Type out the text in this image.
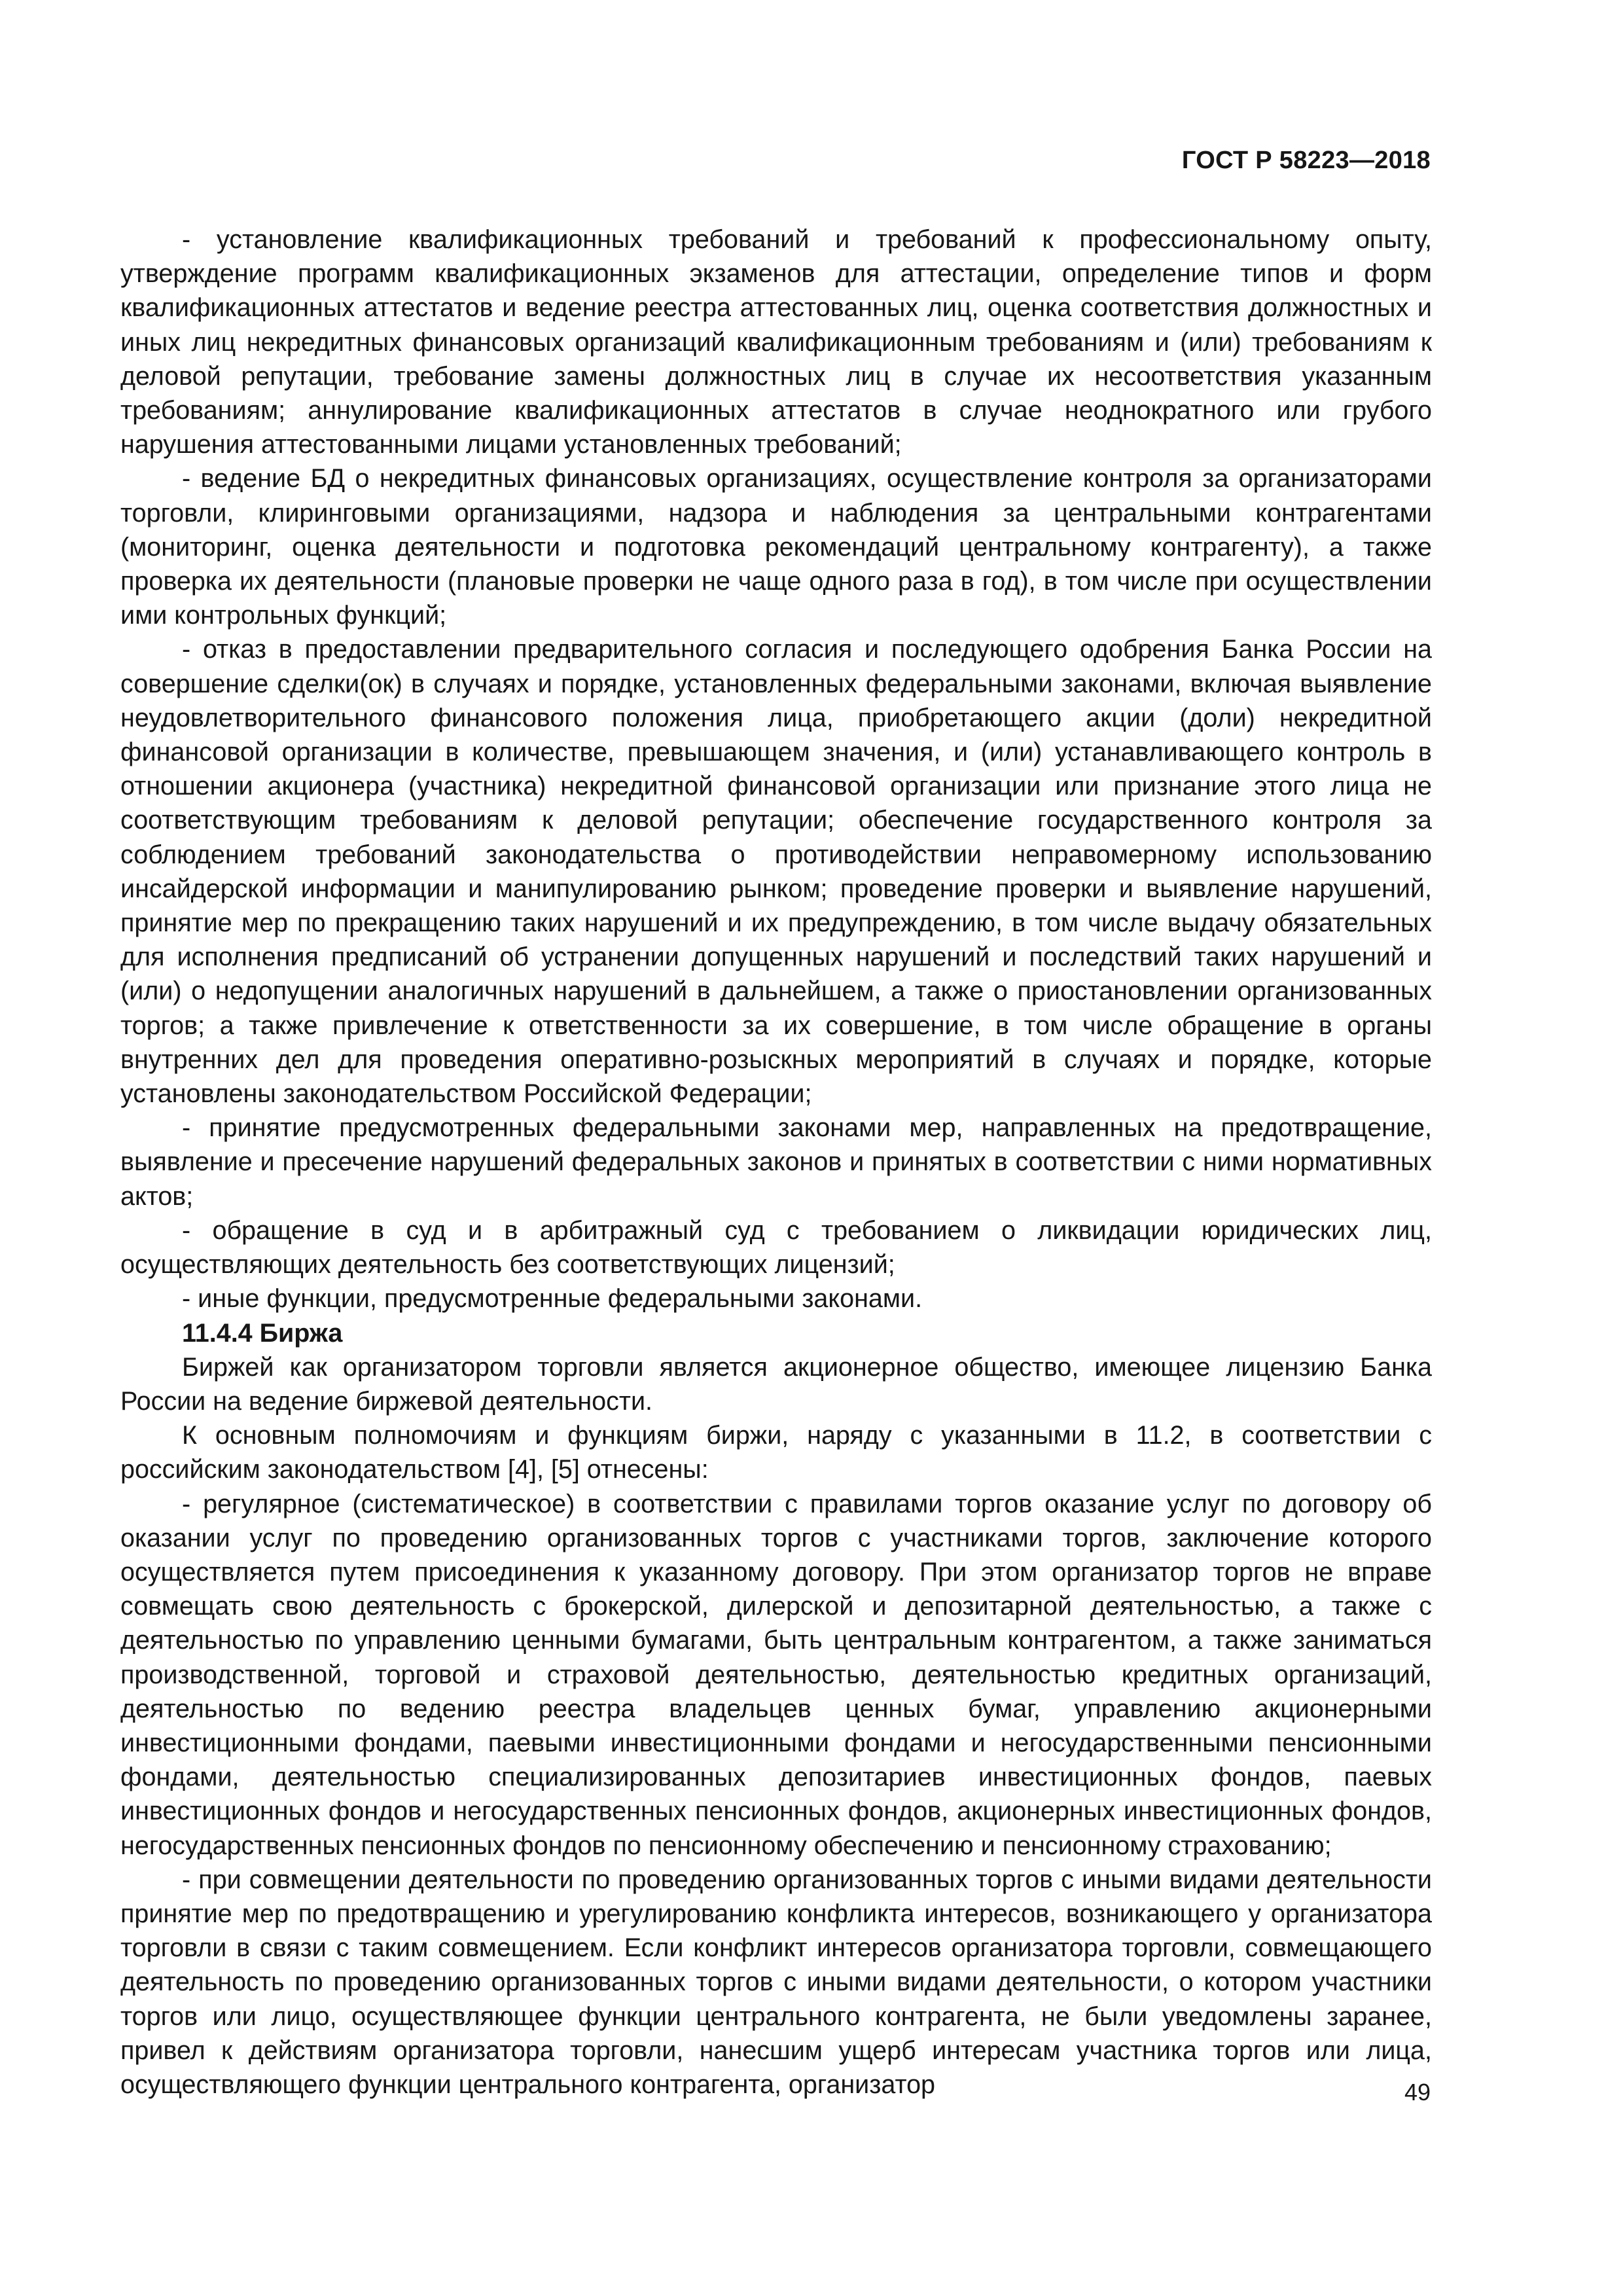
ГОСТ Р 58223—2018

- установление квалификационных требований и требований к профессиональному опыту, утверждение программ квалификационных экзаменов для аттестации, определение типов и форм квалификационных аттестатов и ведение реестра аттестованных лиц, оценка соответствия должностных и иных лиц некредитных финансовых организаций квалификационным требованиям и (или) требованиям к деловой репутации, требование замены должностных лиц в случае их несоответствия указанным требованиям; аннулирование квалификационных аттестатов в случае неоднократного или грубого нарушения аттестованными лицами установленных требований;

- ведение БД о некредитных финансовых организациях, осуществление контроля за организаторами торговли, клиринговыми организациями, надзора и наблюдения за центральными контрагентами (мониторинг, оценка деятельности и подготовка рекомендаций центральному контрагенту), а также проверка их деятельности (плановые проверки не чаще одного раза в год), в том числе при осуществлении ими контрольных функций;

- отказ в предоставлении предварительного согласия и последующего одобрения Банка России на совершение сделки(ок) в случаях и порядке, установленных федеральными законами, включая выявление неудовлетворительного финансового положения лица, приобретающего акции (доли) некредитной финансовой организации в количестве, превышающем значения, и (или) устанавливающего контроль в отношении акционера (участника) некредитной финансовой организации или признание этого лица не соответствующим требованиям к деловой репутации; обеспечение государственного контроля за соблюдением требований законодательства о противодействии неправомерному использованию инсайдерской информации и манипулированию рынком; проведение проверки и выявление нарушений, принятие мер по прекращению таких нарушений и их предупреждению, в том числе выдачу обязательных для исполнения предписаний об устранении допущенных нарушений и последствий таких нарушений и (или) о недопущении аналогичных нарушений в дальнейшем, а также о приостановлении организованных торгов; а также привлечение к ответственности за их совершение, в том числе обращение в органы внутренних дел для проведения оперативно-розыскных мероприятий в случаях и порядке, которые установлены законодательством Российской Федерации;

- принятие предусмотренных федеральными законами мер, направленных на предотвращение, выявление и пресечение нарушений федеральных законов и принятых в соответствии с ними нормативных актов;

- обращение в суд и в арбитражный суд с требованием о ликвидации юридических лиц, осуществляющих деятельность без соответствующих лицензий;

- иные функции, предусмотренные федеральными законами.

11.4.4 Биржа

Биржей как организатором торговли является акционерное общество, имеющее лицензию Банка России на ведение биржевой деятельности.

К основным полномочиям и функциям биржи, наряду с указанными в 11.2, в соответствии с российским законодательством [4], [5] отнесены:

- регулярное (систематическое) в соответствии с правилами торгов оказание услуг по договору об оказании услуг по проведению организованных торгов с участниками торгов, заключение которого осуществляется путем присоединения к указанному договору. При этом организатор торгов не вправе совмещать свою деятельность с брокерской, дилерской и депозитарной деятельностью, а также с деятельностью по управлению ценными бумагами, быть центральным контрагентом, а также заниматься производственной, торговой и страховой деятельностью, деятельностью кредитных организаций, деятельностью по ведению реестра владельцев ценных бумаг, управлению акционерными инвестиционными фондами, паевыми инвестиционными фондами и негосударственными пенсионными фондами, деятельностью специализированных депозитариев инвестиционных фондов, паевых инвестиционных фондов и негосударственных пенсионных фондов, акционерных инвестиционных фондов, негосударственных пенсионных фондов по пенсионному обеспечению и пенсионному страхованию;

- при совмещении деятельности по проведению организованных торгов с иными видами деятельности принятие мер по предотвращению и урегулированию конфликта интересов, возникающего у организатора торговли в связи с таким совмещением. Если конфликт интересов организатора торговли, совмещающего деятельность по проведению организованных торгов с иными видами деятельности, о котором участники торгов или лицо, осуществляющее функции центрального контрагента, не были уведомлены заранее, привел к действиям организатора торговли, нанесшим ущерб интересам участника торгов или лица, осуществляющего функции центрального контрагента, организатор	49
